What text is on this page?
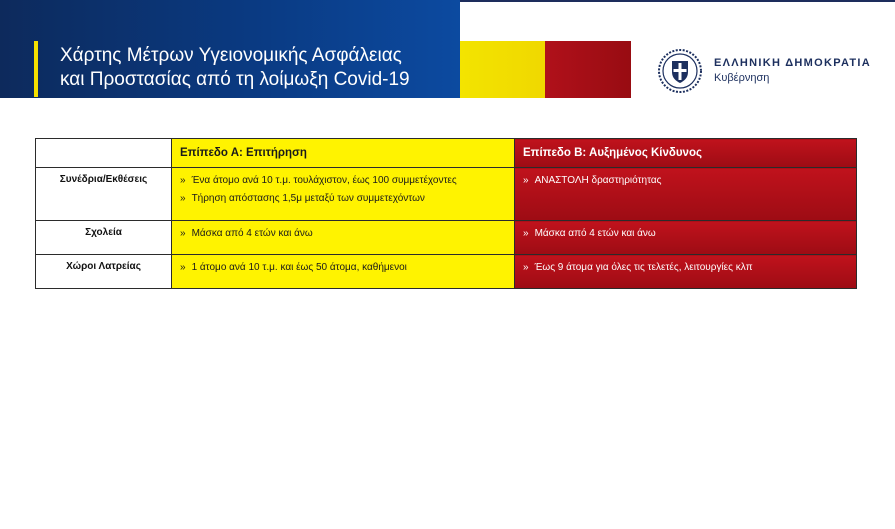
Χάρτης Μέτρων Υγειονομικής Ασφάλειας
και Προστασίας από τη λοίμωξη Covid-19
ΕΛΛΗΝΙΚΗ ΔΗΜΟΚΡΑΤΙΑ
Κυβέρνηση
	Επίπεδο Α: Επιτήρηση	Επίπεδο Β: Αυξημένος Κίνδυνος
Συνέδρια/Εκθέσεις	» Ένα άτομο ανά 10 τ.μ. τουλάχιστον, έως 100 συμμετέχοντες
» Τήρηση απόστασης 1,5μ μεταξύ των συμμετεχόντων	» ΑΝΑΣΤΟΛΗ δραστηριότητας

Σχολεία	» Μάσκα από 4 ετών και άνω	» Μάσκα από 4 ετών και άνω

Χώροι Λατρείας	» 1 άτομο ανά 10 τ.μ. και έως 50 άτομα, καθήμενοι	» Έως 9 άτομα για όλες τις τελετές, λειτουργίες κλπ
